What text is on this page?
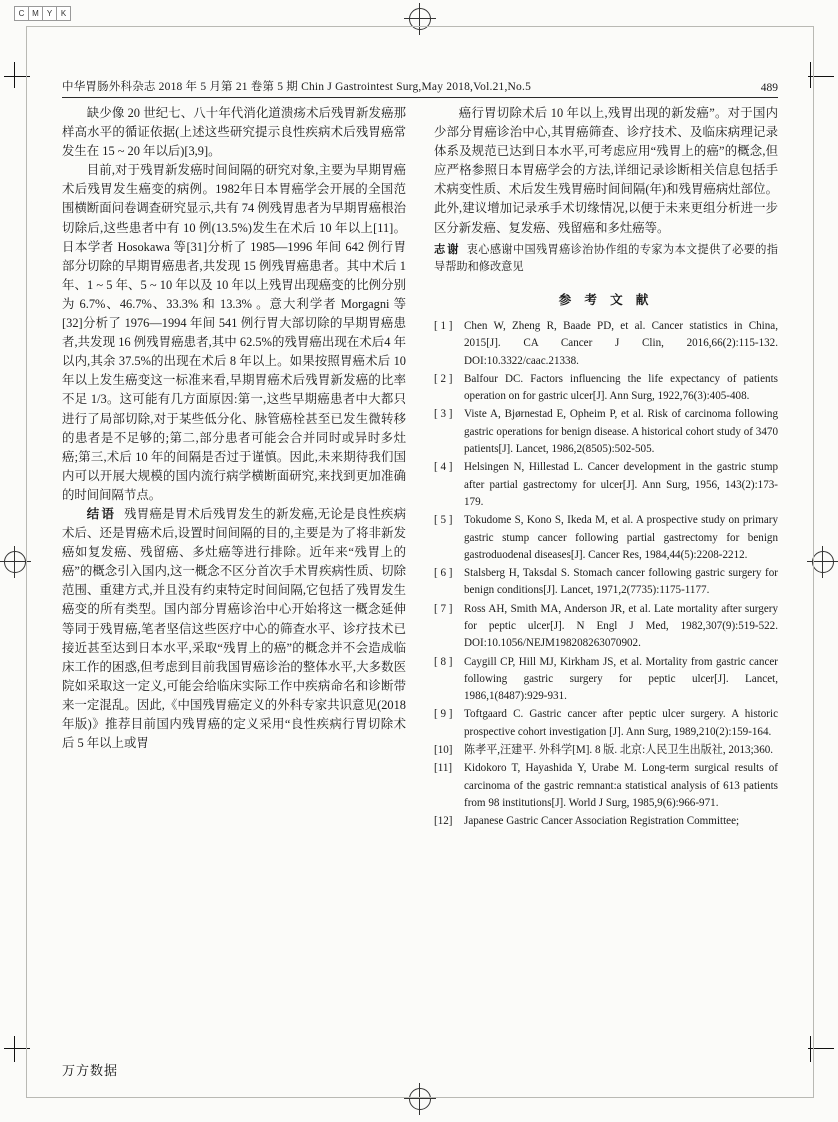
C M	Y	K
中华胃肠外科杂志 2018 年 5 月第 21 卷第 5 期 Chin J Gastrointest Surg,May 2018,Vol.21,No.5	489

缺少像 20 世纪七、八十年代消化道溃疡术后残胃新发癌那样高水平的循证依据(上述这些研究提示良性疾病术后残胃癌常发生在 15 ~ 20 年以后)[3,9]。

目前,对于残胃新发癌时间间隔的研究对象,主要为早期胃癌术后残胃发生癌变的病例。1982年日本胃癌学会开展的全国范围横断面问卷调查研究显示,共有 74 例残胃患者为早期胃癌根治切除后,这些患者中有 10 例(13.5%)发生在术后 10 年以上[11]。日本学者 Hosokawa 等[31]分析了 1985—1996 年间 642 例行胃部分切除的早期胃癌患者,共发现 15 例残胃癌患者。其中术后 1 年、1 ~ 5 年、5 ~ 10 年以及 10 年以上残胃出现癌变的比例分别为 6.7%、46.7%、33.3% 和 13.3% 。意大利学者 Morgagni 等[32]分析了 1976—1994 年间 541 例行胃大部切除的早期胃癌患者,共发现 16 例残胃癌患者,其中 62.5%的残胃癌出现在术后4 年以内,其余 37.5%的出现在术后 8 年以上。如果按照胃癌术后 10 年以上发生癌变这一标准来看,早期胃癌术后残胃新发癌的比率不足 1/3。这可能有几方面原因:第一,这些早期癌患者中大都只进行了局部切除,对于某些低分化、脉管癌栓甚至已发生微转移的患者是不足够的;第二,部分患者可能会合并同时或异时多灶癌;第三,术后 10 年的间隔是否过于谨慎。因此,未来期待我们国内可以开展大规模的国内流行病学横断面研究,来找到更加准确的时间间隔节点。

结语 残胃癌是胃术后残胃发生的新发癌,无论是良性疾病术后、还是胃癌术后,设置时间间隔的目的,主要是为了将非新发癌如复发癌、残留癌、多灶癌等进行排除。近年来“残胃上的癌”的概念引入国内,这一概念不区分首次手术胃疾病性质、切除范围、重建方式,并且没有约束特定时间间隔,它包括了残胃发生癌变的所有类型。国内部分胃癌诊治中心开始将这一概念延伸等同于残胃癌,笔者坚信这些医疗中心的筛查水平、诊疗技术已接近甚至达到日本水平,采取“残胃上的癌”的概念并不会造成临床工作的困惑,但考虑到目前我国胃癌诊治的整体水平,大多数医院如采取这一定义,可能会给临床实际工作中疾病命名和诊断带来一定混乱。因此,《中国残胃癌定义的外科专家共识意见(2018 年版)》推荐目前国内残胃癌的定义采用“良性疾病行胃切除术后 5 年以上或胃

癌行胃切除术后 10 年以上,残胃出现的新发癌”。对于国内少部分胃癌诊治中心,其胃癌筛查、诊疗技术、及临床病理记录体系及规范已达到日本水平,可考虑应用“残胃上的癌”的概念,但应严格参照日本胃癌学会的方法,详细记录诊断相关信息包括手术病变性质、术后发生残胃癌时间间隔(年)和残胃癌病灶部位。此外,建议增加记录承手术切缘情况,以便于未来更组分析进一步区分新发癌、复发癌、残留癌和多灶癌等。

志谢 衷心感谢中国残胃癌诊治协作组的专家为本文提供了必要的指导帮助和修改意见
参 考 文 献
[ 1 ]	Chen W, Zheng R, Baade PD, et al. Cancer statistics in China, 2015[J]. CA Cancer J Clin, 2016,66(2):115-132. DOI:10.3322/caac.21338.
[ 2 ]	Balfour DC. Factors influencing the life expectancy of patients operation on for gastric ulcer[J]. Ann Surg, 1922,76(3):405-408.
[ 3 ]	Viste A, Bjørnestad E, Opheim P, et al. Risk of carcinoma following gastric operations for benign disease. A historical cohort study of 3470 patients[J]. Lancet, 1986,2(8505):502-505.
[ 4 ]	Helsingen N, Hillestad L. Cancer development in the gastric stump after partial gastrectomy for ulcer[J]. Ann Surg, 1956, 143(2):173-179.
[ 5 ]	Tokudome S, Kono S, Ikeda M, et al. A prospective study on primary gastric stump cancer following partial gastrectomy for benign gastroduodenal diseases[J]. Cancer Res, 1984,44(5):2208-2212.
[ 6 ]	Stalsberg H, Taksdal S. Stomach cancer following gastric surgery for benign conditions[J]. Lancet, 1971,2(7735):1175-1177.
[ 7 ]	Ross AH, Smith MA, Anderson JR, et al. Late mortality after surgery for peptic ulcer[J]. N Engl J Med, 1982,307(9):519-522. DOI:10.1056/NEJM198208263070902.
[ 8 ]	Caygill CP, Hill MJ, Kirkham JS, et al. Mortality from gastric cancer following gastric surgery for peptic ulcer[J]. Lancet, 1986,1(8487):929-931.
[ 9 ]	Toftgaard C. Gastric cancer after peptic ulcer surgery. A historic prospective cohort investigation [J]. Ann Surg, 1989,210(2):159-164.
[10]	陈孝平,汪建平. 外科学[M]. 8 版. 北京:人民卫生出版社, 2013;360.
[11]	Kidokoro T, Hayashida Y, Urabe M. Long-term surgical results of carcinoma of the gastric remnant:a statistical analysis of 613 patients from 98 institutions[J]. World J Surg, 1985,9(6):966-971.
[12]	Japanese Gastric Cancer Association Registration Committee;
万方数据
